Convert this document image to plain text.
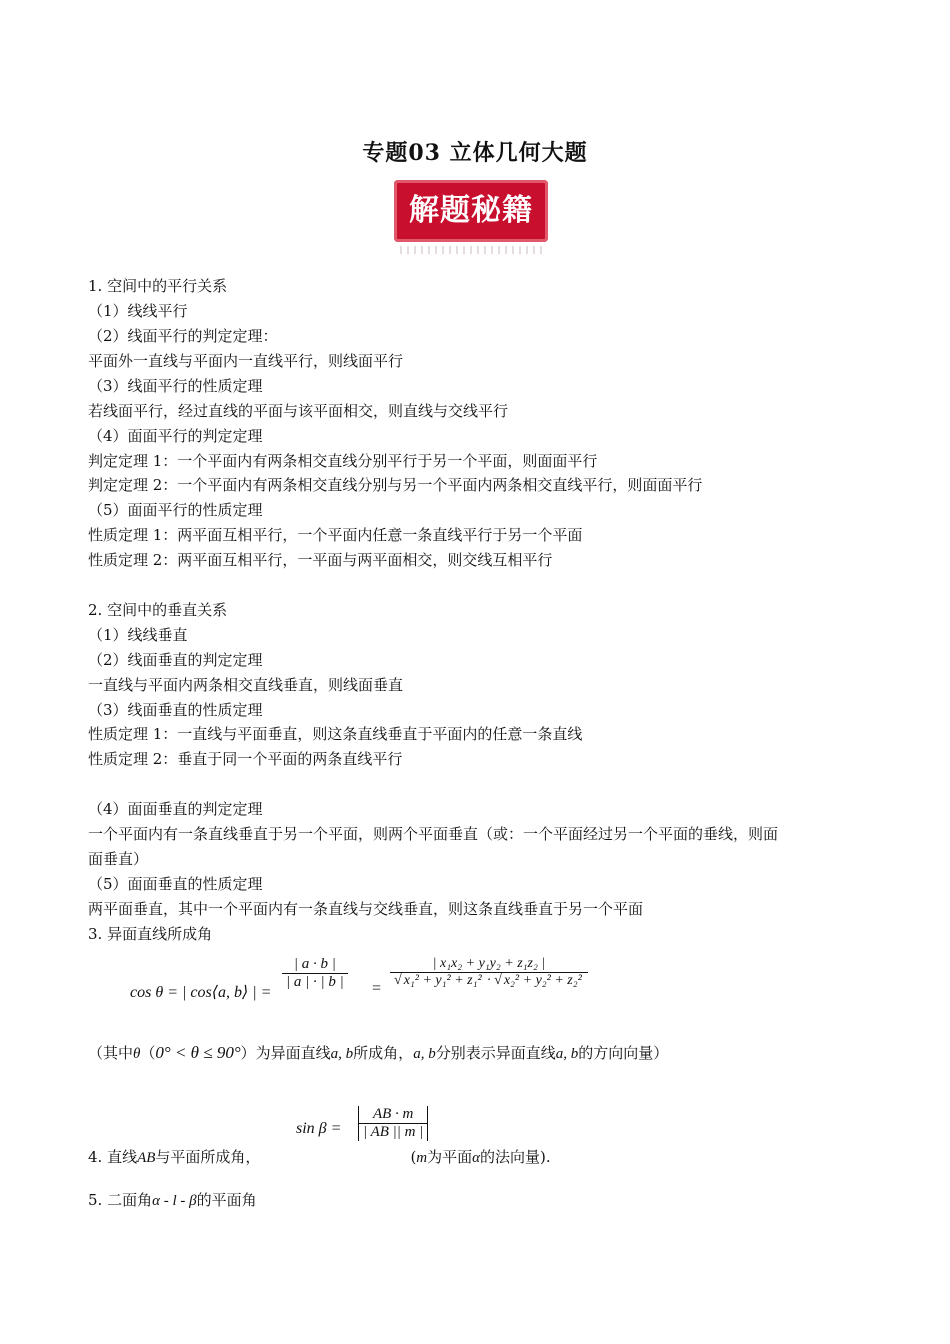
专题03 立体几何大题
解题秘籍
1. 空间中的平行关系
（1）线线平行
（2）线面平行的判定定理：
平面外一直线与平面内一直线平行，则线面平行
（3）线面平行的性质定理
若线面平行，经过直线的平面与该平面相交，则直线与交线平行
（4）面面平行的判定定理
判定定理 1：一个平面内有两条相交直线分别平行于另一个平面，则面面平行
判定定理 2：一个平面内有两条相交直线分别与另一个平面内两条相交直线平行，则面面平行
（5）面面平行的性质定理
性质定理 1：两平面互相平行，一个平面内任意一条直线平行于另一个平面
性质定理 2：两平面互相平行，一平面与两平面相交，则交线互相平行
2. 空间中的垂直关系
（1）线线垂直
（2）线面垂直的判定定理
一直线与平面内两条相交直线垂直，则线面垂直
（3）线面垂直的性质定理
性质定理 1：一直线与平面垂直，则这条直线垂直于平面内的任意一条直线
性质定理 2：垂直于同一个平面的两条直线平行
（4）面面垂直的判定定理
一个平面内有一条直线垂直于另一个平面，则两个平面垂直（或：一个平面经过另一个平面的垂线，则面
面垂直）
（5）面面垂直的性质定理
两平面垂直，其中一个平面内有一条直线与交线垂直，则这条直线垂直于另一个平面
3. 异面直线所成角
cos θ = | cos⟨a, b⟩ | =
$\frac{| a \cdot b |}{| a | \cdot | b |} = \frac{\text{| x₁x₂ + y₁y₂ + z₁z₂ |}}{\text{√ x₁² + y₁² + z₁² · √ x₂² + y₂² + z₂²}}$
（其中θ（0° < θ ≤ 90°）为异面直线a, b所成角，a, b分别表示异面直线a, b的方向向量）
$\sin \beta = \frac{AB \cdot m}{| AB || m |}$
4. 直线AB与平面所成角，	(m为平面α的法向量).
5. 二面角α - l - β的平面角
